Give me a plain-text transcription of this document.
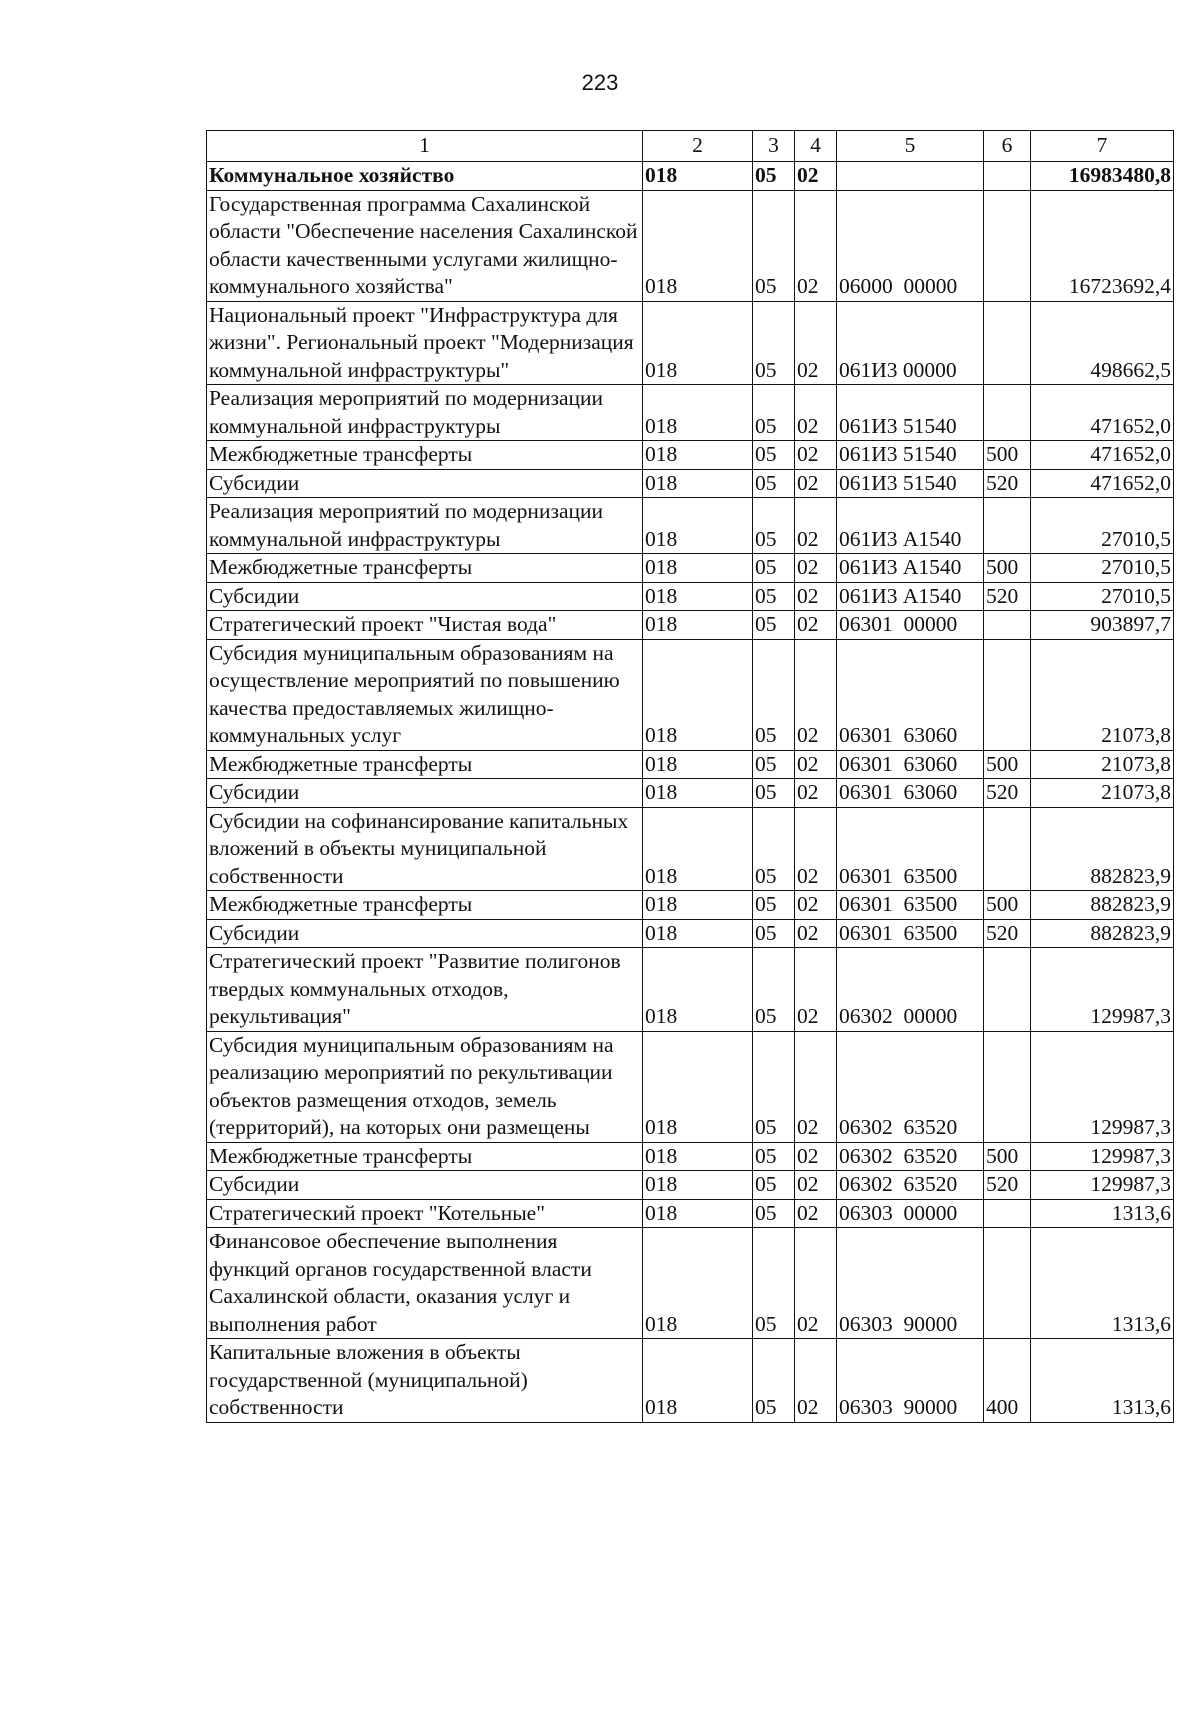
223
1	2	3	4	5	6	7
Коммунальное хозяйство	018	05	02			16983480,8
Государственная программа Сахалинской области "Обеспечение населения Сахалинской области качественными услугами жилищно-коммунального хозяйства"	018	05	02	06000  00000		16723692,4
Национальный проект "Инфраструктура для жизни". Региональный проект "Модернизация коммунальной инфраструктуры"	018	05	02	061И3 00000		498662,5
Реализация мероприятий по модернизации коммунальной инфраструктуры	018	05	02	061И3 51540		471652,0
Межбюджетные трансферты	018	05	02	061И3 51540	500	471652,0
Субсидии	018	05	02	061И3 51540	520	471652,0
Реализация мероприятий по модернизации коммунальной инфраструктуры	018	05	02	061И3 А1540		27010,5
Межбюджетные трансферты	018	05	02	061И3 А1540	500	27010,5
Субсидии	018	05	02	061И3 А1540	520	27010,5
Стратегический проект "Чистая вода"	018	05	02	06301  00000		903897,7
Субсидия муниципальным образованиям на осуществление мероприятий по повышению качества предоставляемых жилищно-коммунальных услуг	018	05	02	06301  63060		21073,8
Межбюджетные трансферты	018	05	02	06301  63060	500	21073,8
Субсидии	018	05	02	06301  63060	520	21073,8
Субсидии на софинансирование капитальных вложений в объекты муниципальной собственности	018	05	02	06301  63500		882823,9
Межбюджетные трансферты	018	05	02	06301  63500	500	882823,9
Субсидии	018	05	02	06301  63500	520	882823,9
Стратегический проект "Развитие полигонов твердых коммунальных отходов, рекультивация"	018	05	02	06302  00000		129987,3
Субсидия муниципальным образованиям на реализацию мероприятий по рекультивации объектов размещения отходов, земель (территорий), на которых они размещены	018	05	02	06302  63520		129987,3
Межбюджетные трансферты	018	05	02	06302  63520	500	129987,3
Субсидии	018	05	02	06302  63520	520	129987,3
Стратегический проект "Котельные"	018	05	02	06303  00000		1313,6
Финансовое обеспечение выполнения функций органов государственной власти Сахалинской области, оказания услуг и выполнения работ	018	05	02	06303  90000		1313,6
Капитальные вложения в объекты государственной (муниципальной) собственности	018	05	02	06303  90000	400	1313,6
